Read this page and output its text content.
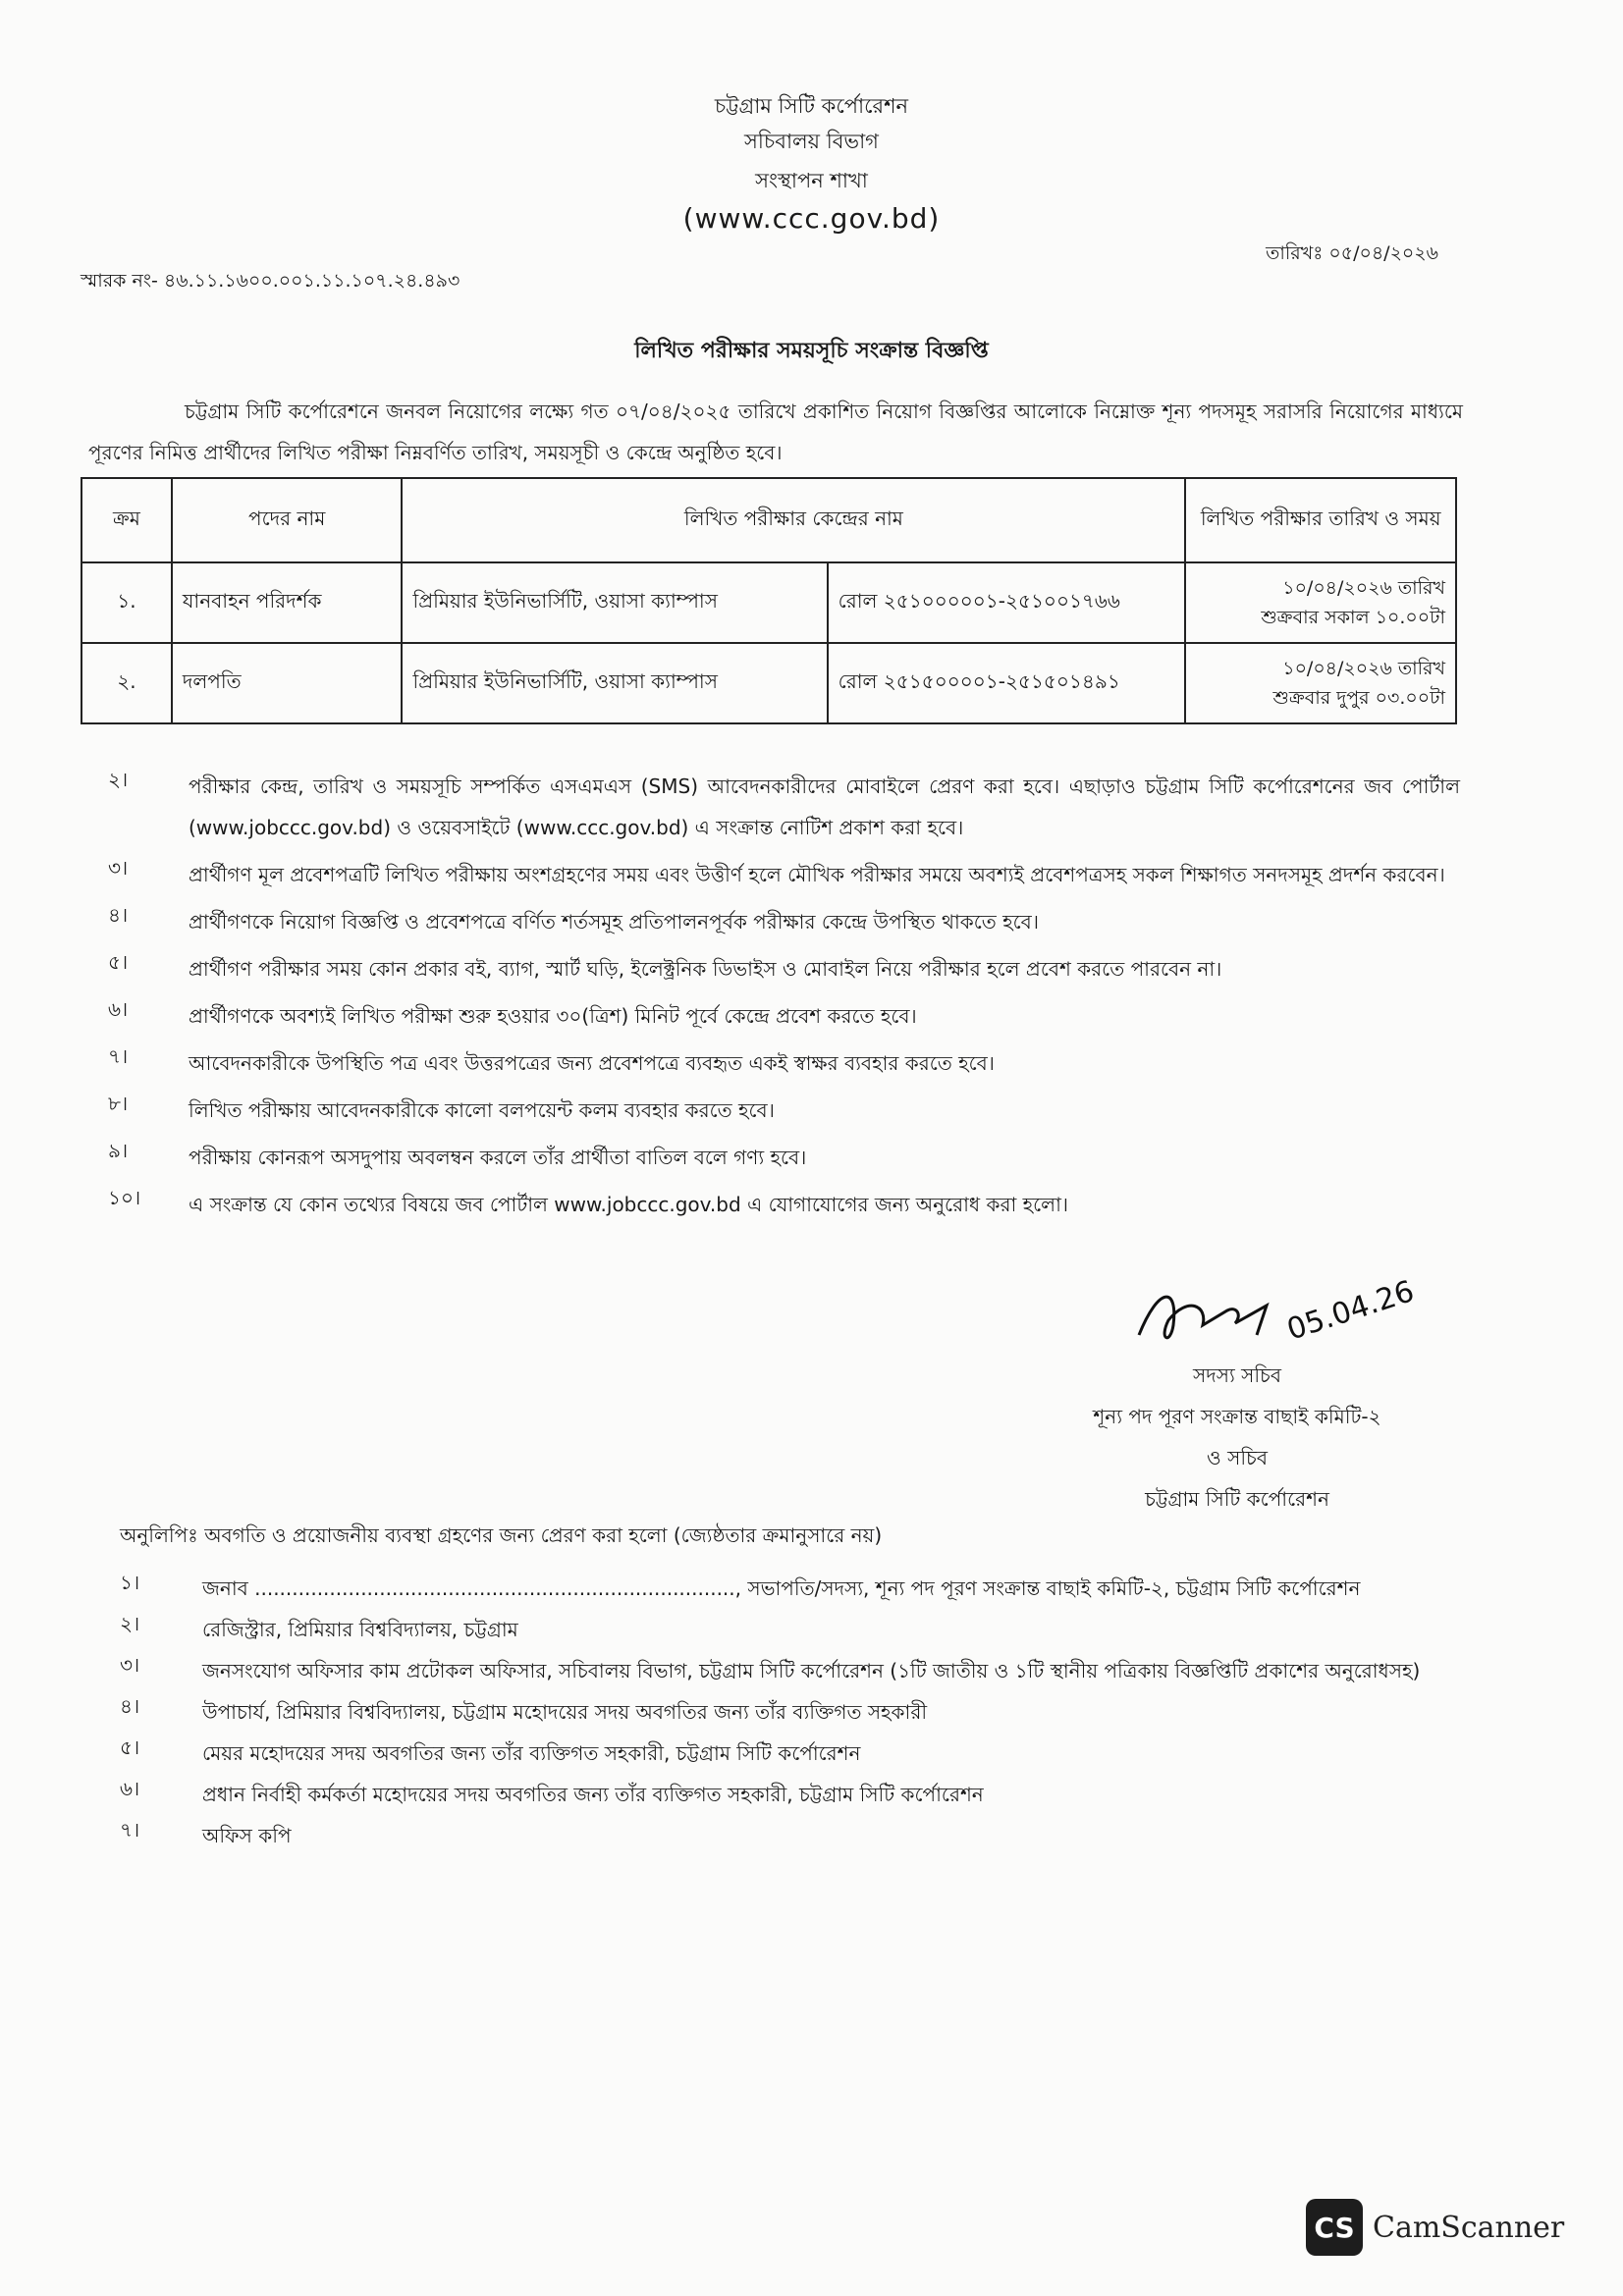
চট্টগ্রাম সিটি কর্পোরেশন
সচিবালয় বিভাগ
সংস্থাপন শাখা
(www.ccc.gov.bd)
তারিখঃ ০৫/০৪/২০২৬
স্মারক নং- ৪৬.১১.১৬০০.০০১.১১.১০৭.২৪.৪৯৩
লিখিত পরীক্ষার সময়সূচি সংক্রান্ত বিজ্ঞপ্তি
চট্টগ্রাম সিটি কর্পোরেশনে জনবল নিয়োগের লক্ষ্যে গত ০৭/০৪/২০২৫ তারিখে প্রকাশিত নিয়োগ বিজ্ঞপ্তির আলোকে নিম্নোক্ত শূন্য পদসমূহ সরাসরি নিয়োগের মাধ্যমে পূরণের নিমিত্ত প্রার্থীদের লিখিত পরীক্ষা নিম্নবর্ণিত তারিখ, সময়সূচী ও কেন্দ্রে অনুষ্ঠিত হবে।
ক্রম	পদের নাম	লিখিত পরীক্ষার কেন্দ্রের নাম		লিখিত পরীক্ষার তারিখ ও সময়
১.	যানবাহন পরিদর্শক	প্রিমিয়ার ইউনিভার্সিটি, ওয়াসা ক্যাম্পাস	রোল ২৫১০০০০০১-২৫১০০১৭৬৬	১০/০৪/২০২৬ তারিখ
শুক্রবার সকাল ১০.০০টা

২.	দলপতি	প্রিমিয়ার ইউনিভার্সিটি, ওয়াসা ক্যাম্পাস	রোল ২৫১৫০০০০১-২৫১৫০১৪৯১	১০/০৪/২০২৬ তারিখ
শুক্রবার দুপুর ০৩.০০টা
২।	পরীক্ষার কেন্দ্র, তারিখ ও সময়সূচি সম্পর্কিত এসএমএস (SMS) আবেদনকারীদের মোবাইলে প্রেরণ করা হবে। এছাড়াও চট্টগ্রাম সিটি কর্পোরেশনের জব পোর্টাল (www.jobccc.gov.bd) ও ওয়েবসাইটে (www.ccc.gov.bd) এ সংক্রান্ত নোটিশ প্রকাশ করা হবে।
৩।	প্রার্থীগণ মূল প্রবেশপত্রটি লিখিত পরীক্ষায় অংশগ্রহণের সময় এবং উত্তীর্ণ হলে মৌখিক পরীক্ষার সময়ে অবশ্যই প্রবেশপত্রসহ সকল শিক্ষাগত সনদসমূহ প্রদর্শন করবেন।
৪।	প্রার্থীগণকে নিয়োগ বিজ্ঞপ্তি ও প্রবেশপত্রে বর্ণিত শর্তসমূহ প্রতিপালনপূর্বক পরীক্ষার কেন্দ্রে উপস্থিত থাকতে হবে।
৫।	প্রার্থীগণ পরীক্ষার সময় কোন প্রকার বই, ব্যাগ, স্মার্ট ঘড়ি, ইলেক্ট্রনিক ডিভাইস ও মোবাইল নিয়ে পরীক্ষার হলে প্রবেশ করতে পারবেন না।
৬।	প্রার্থীগণকে অবশ্যই লিখিত পরীক্ষা শুরু হওয়ার ৩০(ত্রিশ) মিনিট পূর্বে কেন্দ্রে প্রবেশ করতে হবে।
৭।	আবেদনকারীকে উপস্থিতি পত্র এবং উত্তরপত্রের জন্য প্রবেশপত্রে ব্যবহৃত একই স্বাক্ষর ব্যবহার করতে হবে।
৮।	লিখিত পরীক্ষায় আবেদনকারীকে কালো বলপয়েন্ট কলম ব্যবহার করতে হবে।
৯।	পরীক্ষায় কোনরূপ অসদুপায় অবলম্বন করলে তাঁর প্রার্থীতা বাতিল বলে গণ্য হবে।
১০।	এ সংক্রান্ত যে কোন তথ্যের বিষয়ে জব পোর্টাল www.jobccc.gov.bd এ যোগাযোগের জন্য অনুরোধ করা হলো।
05.04.26
সদস্য সচিব
শূন্য পদ পূরণ সংক্রান্ত বাছাই কমিটি-২
ও সচিব
চট্টগ্রাম সিটি কর্পোরেশন
অনুলিপিঃ অবগতি ও প্রয়োজনীয় ব্যবস্থা গ্রহণের জন্য প্রেরণ করা হলো (জ্যেষ্ঠতার ক্রমানুসারে নয়)
১।	জনাব ............................................................................., সভাপতি/সদস্য, শূন্য পদ পূরণ সংক্রান্ত বাছাই কমিটি-২, চট্টগ্রাম সিটি কর্পোরেশন
২।	রেজিস্ট্রার, প্রিমিয়ার বিশ্ববিদ্যালয়, চট্টগ্রাম
৩।	জনসংযোগ অফিসার কাম প্রটোকল অফিসার, সচিবালয় বিভাগ, চট্টগ্রাম সিটি কর্পোরেশন (১টি জাতীয় ও ১টি স্থানীয় পত্রিকায় বিজ্ঞপ্তিটি প্রকাশের অনুরোধসহ)
৪।	উপাচার্য, প্রিমিয়ার বিশ্ববিদ্যালয়, চট্টগ্রাম মহোদয়ের সদয় অবগতির জন্য তাঁর ব্যক্তিগত সহকারী
৫।	মেয়র মহোদয়ের সদয় অবগতির জন্য তাঁর ব্যক্তিগত সহকারী, চট্টগ্রাম সিটি কর্পোরেশন
৬।	প্রধান নির্বাহী কর্মকর্তা মহোদয়ের সদয় অবগতির জন্য তাঁর ব্যক্তিগত সহকারী, চট্টগ্রাম সিটি কর্পোরেশন
৭।	অফিস কপি
CS CamScanner
